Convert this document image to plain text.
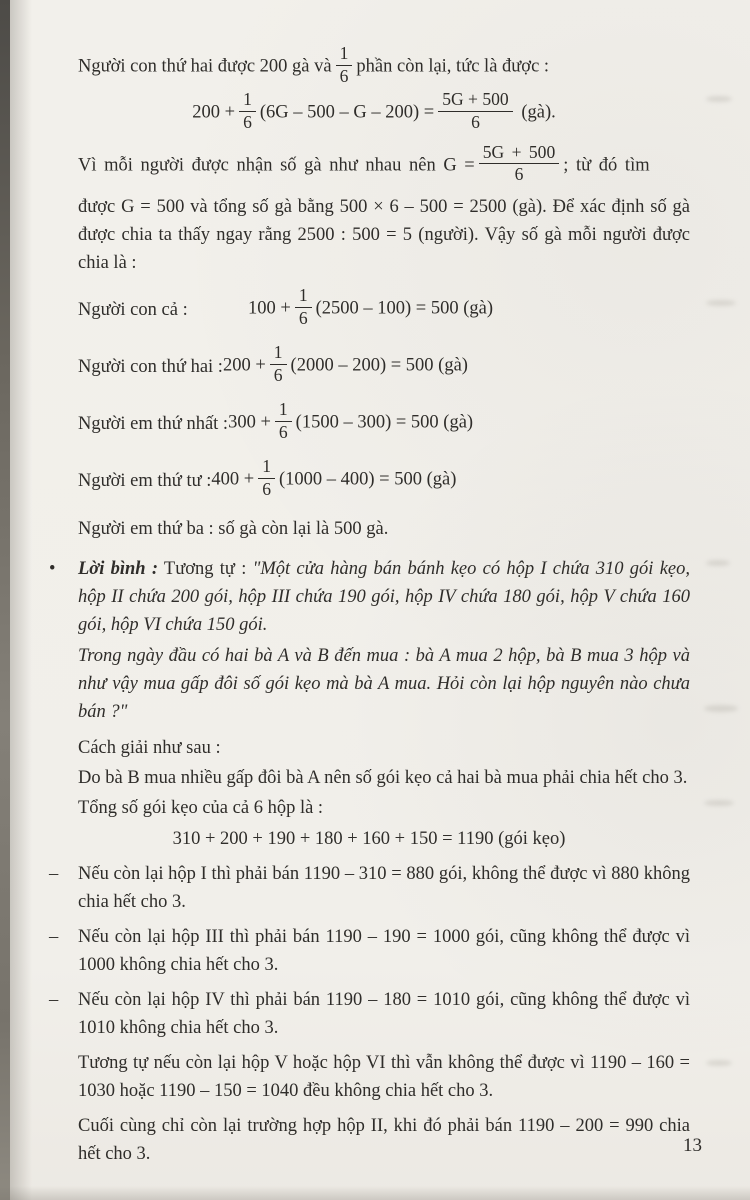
Người con thứ hai được 200 gà và $\frac{1}{6}$ phần còn lại, tức là được :

$200 + \frac{1}{6} (6G - 500 - G - 200) = \frac{5G + 500}{6}$ (gà).

Vì mỗi người được nhận số gà như nhau nên $G = \frac{5G + 500}{6}$ ; từ đó tìm

được G = 500 và tổng số gà bằng 500 × 6 – 500 = 2500 (gà). Để xác định số gà được chia ta thấy ngay rằng 2500 : 500 = 5 (người). Vậy số gà mỗi người được chia là :

Người con cả :	$100 + \frac{1}{6} (2500 - 100) = 500$ (gà)
Người con thứ hai : $200 + \frac{1}{6} (2000 - 200) = 500$ (gà)
Người em thứ nhất : $300 + \frac{1}{6} (1500 - 300) = 500$ (gà)
Người em thứ tư : $400 + \frac{1}{6} (1000 - 400) = 500$ (gà)

Người em thứ ba : số gà còn lại là 500 gà.

• Lời bình : Tương tự : "Một cửa hàng bán bánh kẹo có hộp I chứa 310 gói kẹo, hộp II chứa 200 gói, hộp III chứa 190 gói, hộp IV chứa 180 gói, hộp V chứa 160 gói, hộp VI chứa 150 gói.

Trong ngày đầu có hai bà A và B đến mua : bà A mua 2 hộp, bà B mua 3 hộp và như vậy mua gấp đôi số gói kẹo mà bà A mua. Hỏi còn lại hộp nguyên nào chưa bán ?"

Cách giải như sau :

Do bà B mua nhiều gấp đôi bà A nên số gói kẹo cả hai bà mua phải chia hết cho 3.

Tổng số gói kẹo của cả 6 hộp là :

310 + 200 + 190 + 180 + 160 + 150 = 1190 (gói kẹo)

– Nếu còn lại hộp I thì phải bán 1190 – 310 = 880 gói, không thể được vì 880 không chia hết cho 3.

– Nếu còn lại hộp III thì phải bán 1190 – 190 = 1000 gói, cũng không thể được vì 1000 không chia hết cho 3.

– Nếu còn lại hộp IV thì phải bán 1190 – 180 = 1010 gói, cũng không thể được vì 1010 không chia hết cho 3.

Tương tự nếu còn lại hộp V hoặc hộp VI thì vẫn không thể được vì 1190 – 160 = 1030 hoặc 1190 – 150 = 1040 đều không chia hết cho 3.

Cuối cùng chỉ còn lại trường hợp hộp II, khi đó phải bán 1190 – 200 = 990 chia hết cho 3.	13
